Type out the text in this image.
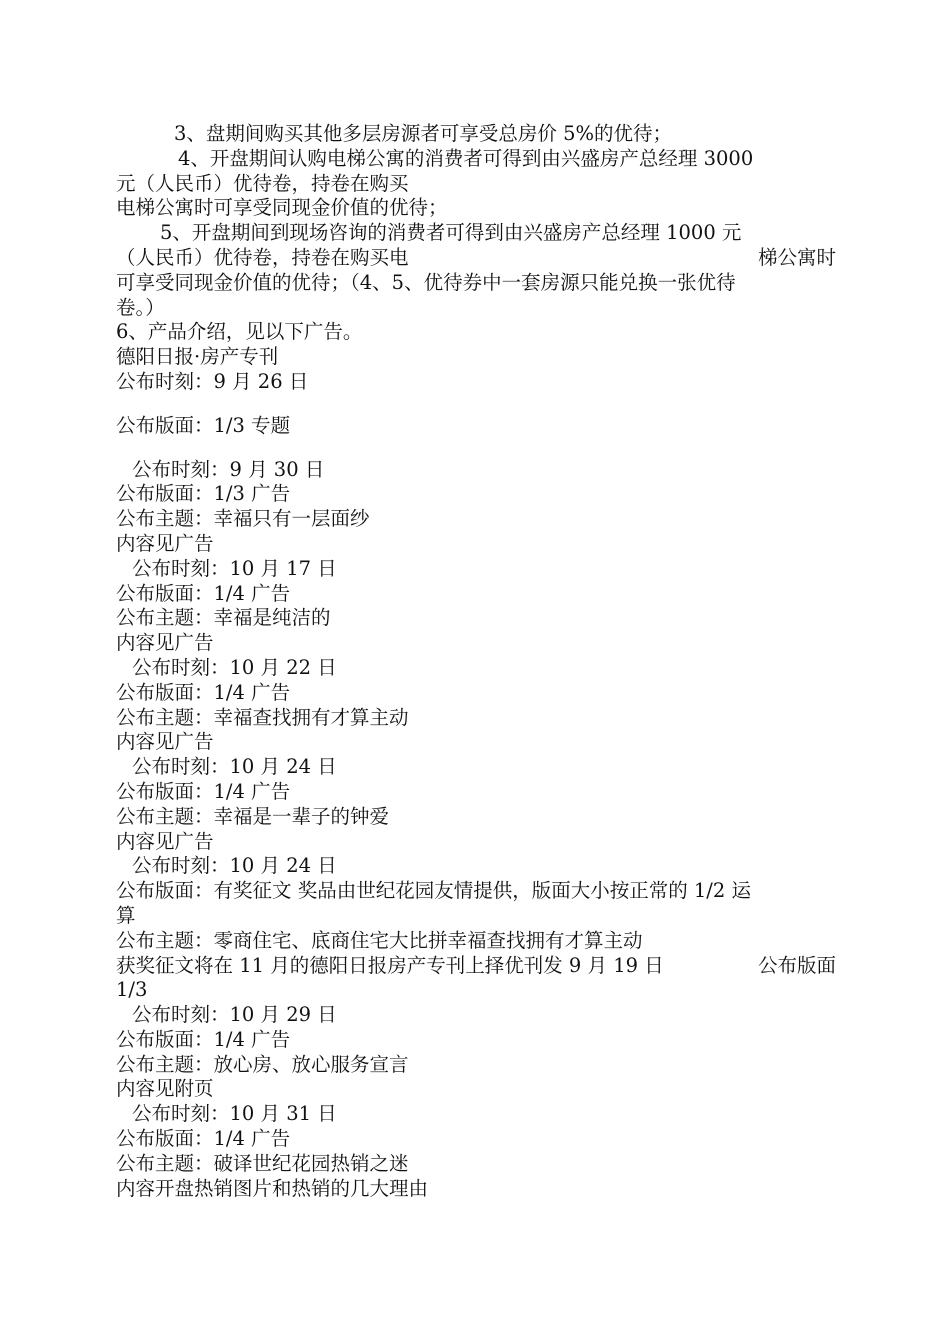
3、盘期间购买其他多层房源者可享受总房价 5%的优待；
4、开盘期间认购电梯公寓的消费者可得到由兴盛房产总经理 3000
元（人民币）优待卷，持卷在购买
电梯公寓时可享受同现金价值的优待；
5、开盘期间到现场咨询的消费者可得到由兴盛房产总经理 1000 元
（人民币）优待卷，持卷在购买电	梯公寓时
可享受同现金价值的优待；（4、5、优待券中一套房源只能兑换一张优待
卷。）
6、产品介绍，见以下广告。
德阳日报·房产专刊
公布时刻：9 月 26 日
公布版面：1/3 专题
公布时刻：9 月 30 日
公布版面：1/3 广告
公布主题：幸福只有一层面纱
内容见广告
公布时刻：10 月 17 日
公布版面：1/4 广告
公布主题：幸福是纯洁的
内容见广告
公布时刻：10 月 22 日
公布版面：1/4 广告
公布主题：幸福查找拥有才算主动
内容见广告
公布时刻：10 月 24 日
公布版面：1/4 广告
公布主题：幸福是一辈子的钟爱
内容见广告
公布时刻：10 月 24 日
公布版面：有奖征文 奖品由世纪花园友情提供，版面大小按正常的 1/2 运
算
公布主题：零商住宅、底商住宅大比拼幸福查找拥有才算主动
获奖征文将在 11 月的德阳日报房产专刊上择优刊发 9 月 19 日	公布版面
1/3
公布时刻：10 月 29 日
公布版面：1/4 广告
公布主题：放心房、放心服务宣言
内容见附页
公布时刻：10 月 31 日
公布版面：1/4 广告
公布主题：破译世纪花园热销之迷
内容开盘热销图片和热销的几大理由
